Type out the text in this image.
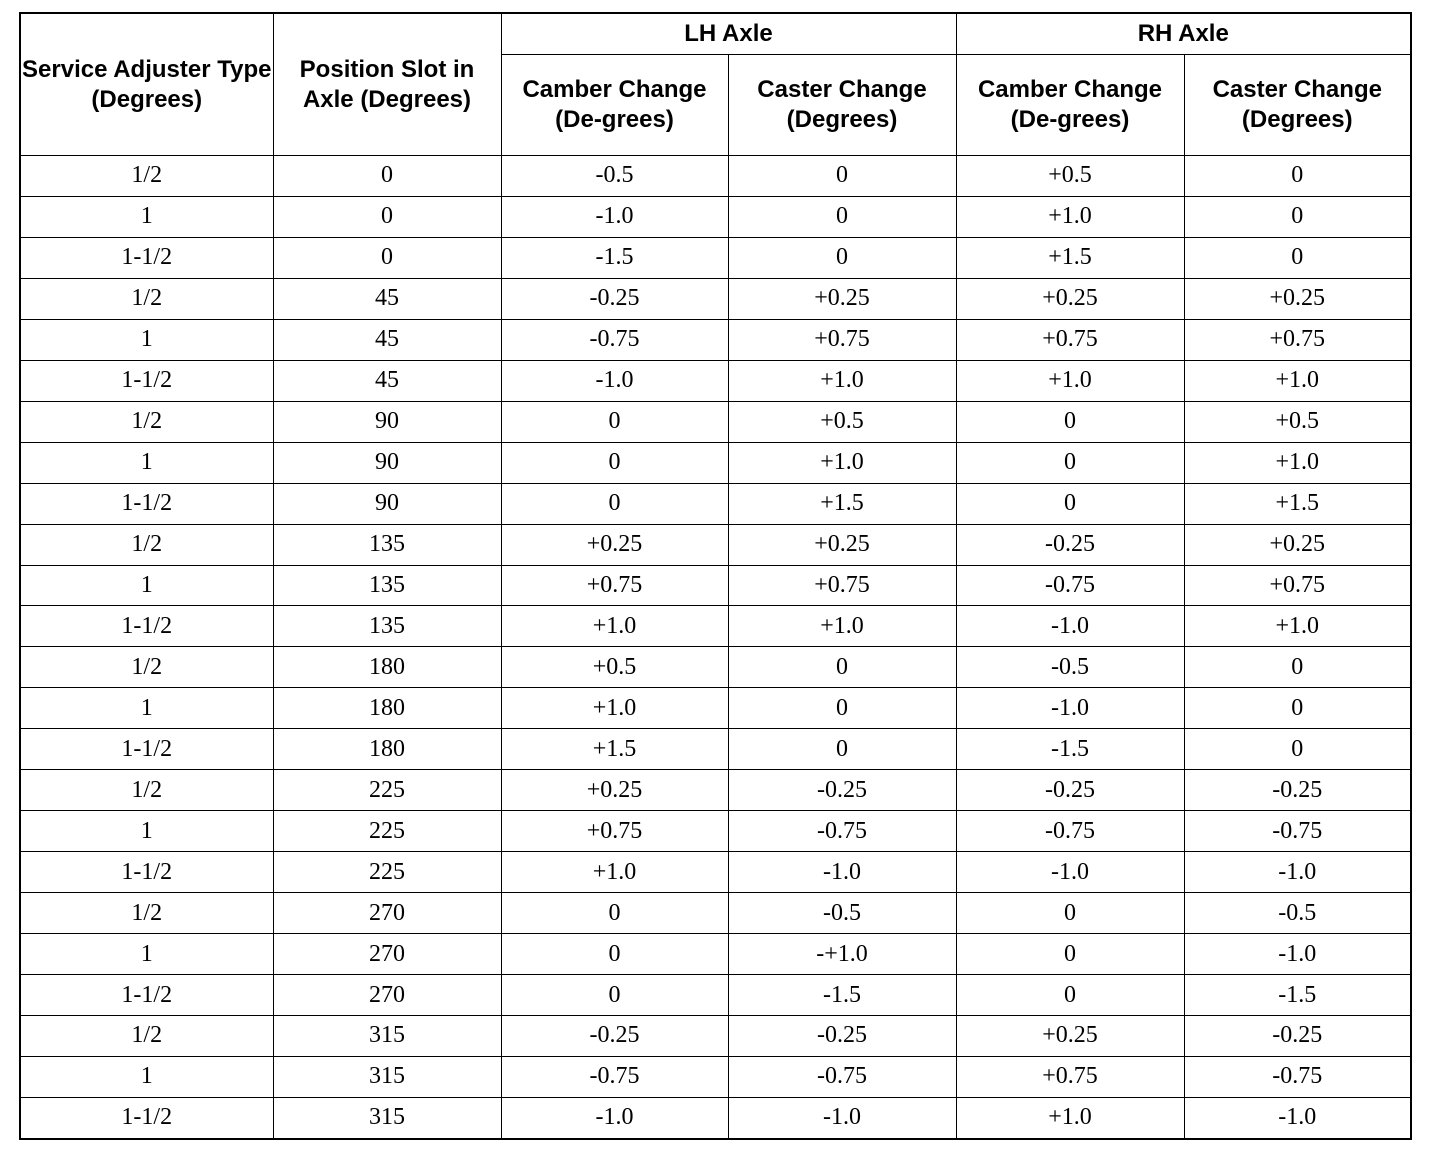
Service Adjuster Type (Degrees)	Position Slot in Axle (Degrees)	LH Axle		RH Axle	
		Camber Change (De-grees)	Caster Change (Degrees)	Camber Change (De-grees)	Caster Change (Degrees)
1/2	0	-0.5	0	+0.5	0
1	0	-1.0	0	+1.0	0
1-1/2	0	-1.5	0	+1.5	0
1/2	45	-0.25	+0.25	+0.25	+0.25
1	45	-0.75	+0.75	+0.75	+0.75
1-1/2	45	-1.0	+1.0	+1.0	+1.0
1/2	90	0	+0.5	0	+0.5
1	90	0	+1.0	0	+1.0
1-1/2	90	0	+1.5	0	+1.5
1/2	135	+0.25	+0.25	-0.25	+0.25
1	135	+0.75	+0.75	-0.75	+0.75
1-1/2	135	+1.0	+1.0	-1.0	+1.0
1/2	180	+0.5	0	-0.5	0
1	180	+1.0	0	-1.0	0
1-1/2	180	+1.5	0	-1.5	0
1/2	225	+0.25	-0.25	-0.25	-0.25
1	225	+0.75	-0.75	-0.75	-0.75
1-1/2	225	+1.0	-1.0	-1.0	-1.0
1/2	270	0	-0.5	0	-0.5
1	270	0	-+1.0	0	-1.0
1-1/2	270	0	-1.5	0	-1.5
1/2	315	-0.25	-0.25	+0.25	-0.25
1	315	-0.75	-0.75	+0.75	-0.75
1-1/2	315	-1.0	-1.0	+1.0	-1.0
